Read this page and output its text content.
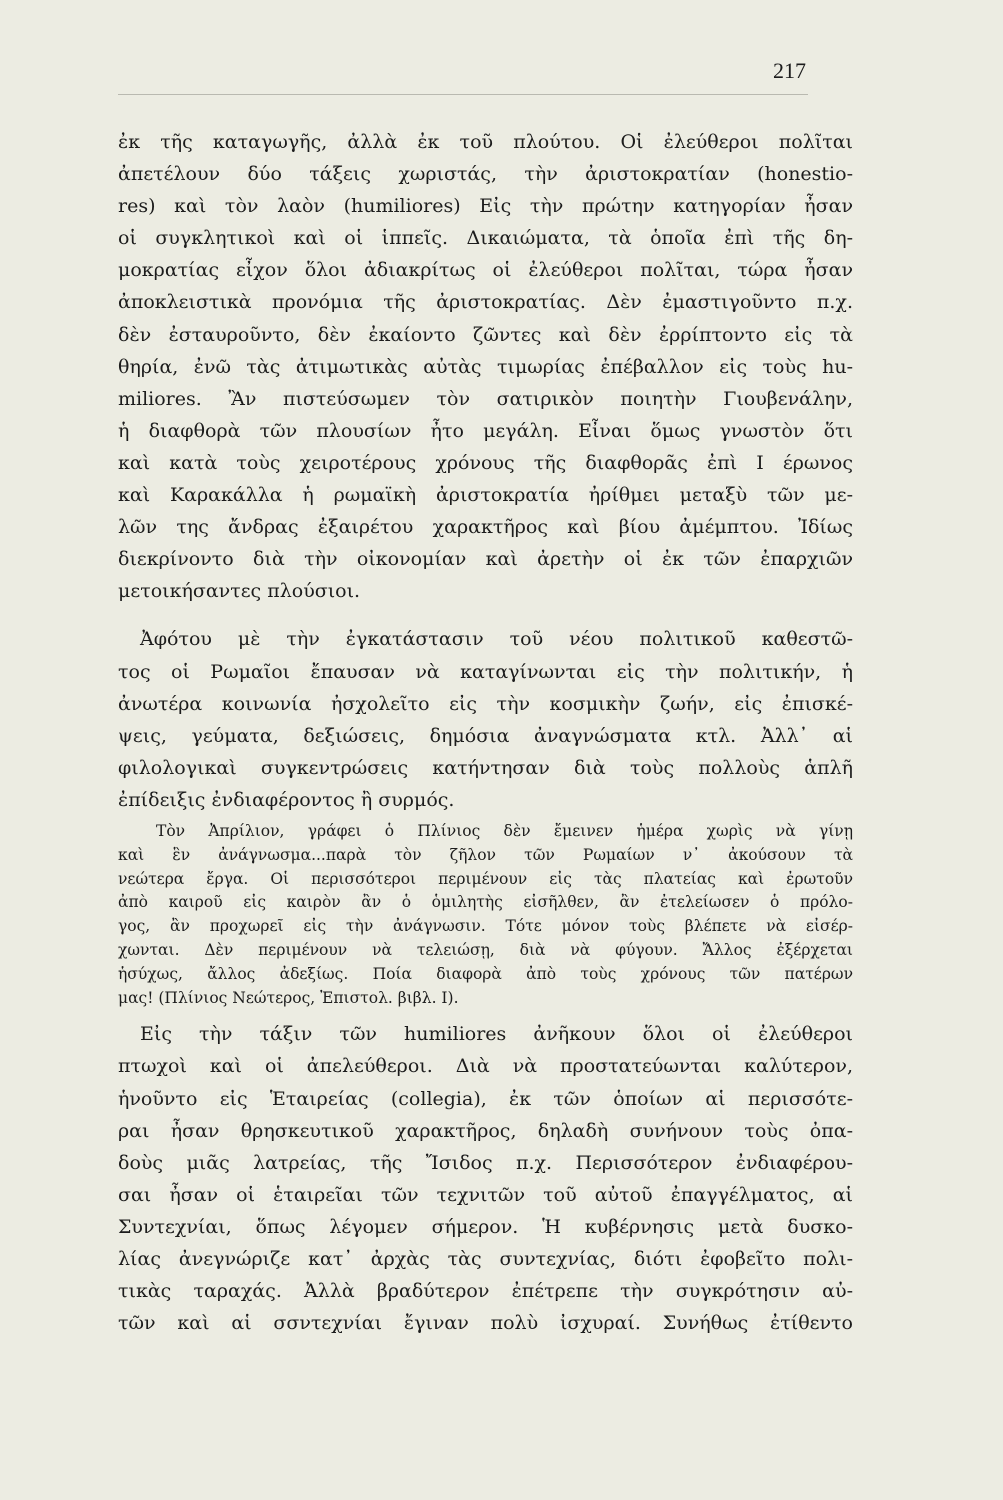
217
ἐκ τῆς καταγωγῆς, ἀλλὰ ἐκ τοῦ πλούτου. Οἱ ἐλεύθεροι πολῖται
ἀπετέλουν δύο τάξεις χωριστάς, τὴν ἀριστοκρατίαν (honestio-
res) καὶ τὸν λαὸν (humiliores) Εἰς τὴν πρώτην κατηγορίαν ἦσαν
οἱ συγκλητικοὶ καὶ οἱ ἱππεῖς. Δικαιώματα, τὰ ὁποῖα ἐπὶ τῆς δη-
μοκρατίας εἶχον ὅλοι ἀδιακρίτως οἱ ἐλεύθεροι πολῖται, τώρα ἦσαν
ἀποκλειστικὰ προνόμια τῆς ἀριστοκρατίας. Δὲν ἐμαστιγοῦντο π.χ.
δὲν ἐσταυροῦντο, δὲν ἐκαίοντο ζῶντες καὶ δὲν ἐρρίπτοντο εἰς τὰ
θηρία, ἐνῶ τὰς ἀτιμωτικὰς αὐτὰς τιμωρίας ἐπέβαλλον εἰς τοὺς hu-
miliores. Ἂν πιστεύσωμεν τὸν σατιρικὸν ποιητὴν Γιουβενάλην,
ἡ διαφθορὰ τῶν πλουσίων ἦτο μεγάλη. Εἶναι ὅμως γνωστὸν ὅτι
καὶ κατὰ τοὺς χειροτέρους χρόνους τῆς διαφθορᾶς ἐπὶ Ι έρωνος
καὶ Καρακάλλα ἡ ρωμαϊκὴ ἀριστοκρατία ἠρίθμει μεταξὺ τῶν με-
λῶν της ἄνδρας ἐξαιρέτου χαρακτῆρος καὶ βίου ἀμέμπτου. Ἰδίως
διεκρίνοντο διὰ τὴν οἰκονομίαν καὶ ἀρετὴν οἱ ἐκ τῶν ἐπαρχιῶν
μετοικήσαντες πλούσιοι.
Ἀφότου μὲ τὴν ἐγκατάστασιν τοῦ νέου πολιτικοῦ καθεστῶ-
τος οἱ Ρωμαῖοι ἔπαυσαν νὰ καταγίνωνται εἰς τὴν πολιτικήν, ἡ
ἀνωτέρα κοινωνία ἠσχολεῖτο εἰς τὴν κοσμικὴν ζωήν, εἰς ἐπισκέ-
ψεις, γεύματα, δεξιώσεις, δημόσια ἀναγνώσματα κτλ. Ἀλλ᾽ αἱ
φιλολογικαὶ συγκεντρώσεις κατήντησαν διὰ τοὺς πολλοὺς ἁπλῆ
ἐπίδειξις ἐνδιαφέροντος ἢ συρμός.
Τὸν Ἀπρίλιον, γράφει ὁ Πλίνιος δὲν ἔμεινεν ἡμέρα χωρὶς νὰ γίνῃ
καὶ ἓν ἀνάγνωσμα...παρὰ τὸν ζῆλον τῶν Ρωμαίων ν᾽ ἀκούσουν τὰ
νεώτερα ἔργα. Οἱ περισσότεροι περιμένουν εἰς τὰς πλατείας καὶ ἐρωτοῦν
ἀπὸ καιροῦ εἰς καιρὸν ἂν ὁ ὁμιλητὴς εἰσῆλθεν, ἂν ἐτελείωσεν ὁ πρόλο-
γος, ἂν προχωρεῖ εἰς τὴν ἀνάγνωσιν. Τότε μόνον τοὺς βλέπετε νὰ εἰσέρ-
χωνται. Δὲν περιμένουν νὰ τελειώσῃ, διὰ νὰ φύγουν. Ἄλλος ἐξέρχεται
ἡσύχως, ἄλλος ἀδεξίως. Ποία διαφορὰ ἀπὸ τοὺς χρόνους τῶν πατέρων
μας! (Πλίνιος Νεώτερος, Ἐπιστολ. βιβλ. Ι).
Εἰς τὴν τάξιν τῶν humiliores ἀνῆκουν ὅλοι οἱ ἐλεύθεροι
πτωχοὶ καὶ οἱ ἀπελεύθεροι. Διὰ νὰ προστατεύωνται καλύτερον,
ἡνοῦντο εἰς Ἑταιρείας (collegia), ἐκ τῶν ὁποίων αἱ περισσότε-
ραι ἦσαν θρησκευτικοῦ χαρακτῆρος, δηλαδὴ συνήνουν τοὺς ὀπα-
δοὺς μιᾶς λατρείας, τῆς Ἴσιδος π.χ. Περισσότερον ἐνδιαφέρου-
σαι ἦσαν οἱ ἑταιρεῖαι τῶν τεχνιτῶν τοῦ αὐτοῦ ἐπαγγέλματος, αἱ
Συντεχνίαι, ὅπως λέγομεν σήμερον. Ἡ κυβέρνησις μετὰ δυσκο-
λίας ἀνεγνώριζε κατ᾽ ἀρχὰς τὰς συντεχνίας, διότι ἐφοβεῖτο πολι-
τικὰς ταραχάς. Ἀλλὰ βραδύτερον ἐπέτρεπε τὴν συγκρότησιν αὐ-
τῶν καὶ αἱ σσντεχνίαι ἔγιναν πολὺ ἰσχυραί. Συνήθως ἐτίθεντο
